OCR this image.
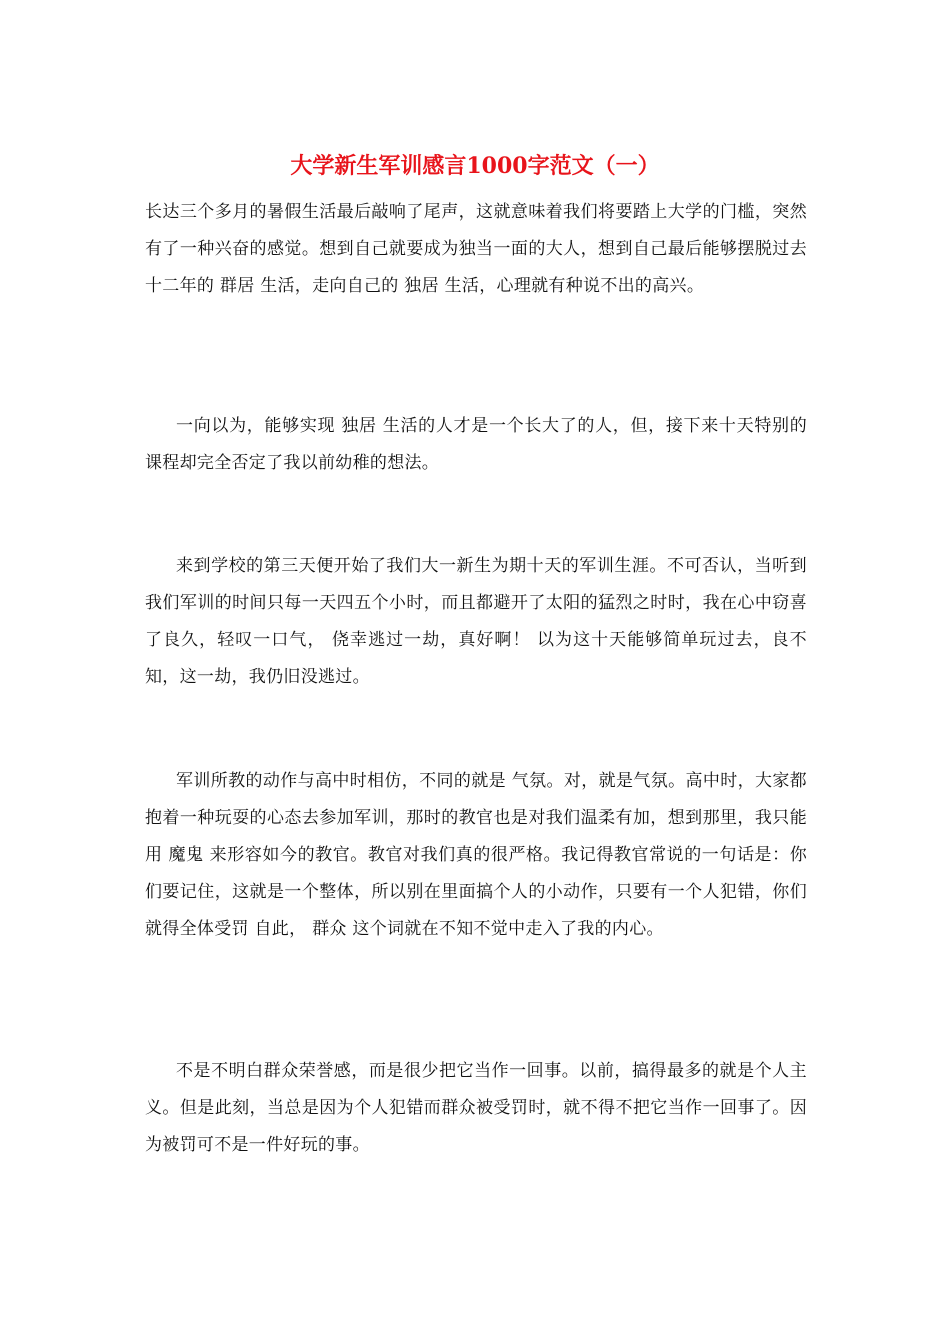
大学新生军训感言1000字范文（一）

长达三个多月的暑假生活最后敲响了尾声，这就意味着我们将要踏上大学的门槛，突然有了一种兴奋的感觉。想到自己就要成为独当一面的大人，想到自己最后能够摆脱过去十二年的 群居 生活，走向自己的 独居 生活，心理就有种说不出的高兴。

一向以为，能够实现 独居 生活的人才是一个长大了的人，但，接下来十天特别的课程却完全否定了我以前幼稚的想法。

来到学校的第三天便开始了我们大一新生为期十天的军训生涯。不可否认，当听到我们军训的时间只每一天四五个小时，而且都避开了太阳的猛烈之时时，我在心中窃喜了良久，轻叹一口气， 侥幸逃过一劫，真好啊！ 以为这十天能够简单玩过去，良不知，这一劫，我仍旧没逃过。

军训所教的动作与高中时相仿，不同的就是 气氛。对，就是气氛。高中时，大家都抱着一种玩耍的心态去参加军训，那时的教官也是对我们温柔有加，想到那里，我只能用 魔鬼 来形容如今的教官。教官对我们真的很严格。我记得教官常说的一句话是：你们要记住，这就是一个整体，所以别在里面搞个人的小动作，只要有一个人犯错，你们就得全体受罚 自此， 群众 这个词就在不知不觉中走入了我的内心。

不是不明白群众荣誉感，而是很少把它当作一回事。以前，搞得最多的就是个人主义。但是此刻，当总是因为个人犯错而群众被受罚时，就不得不把它当作一回事了。因为被罚可不是一件好玩的事。
